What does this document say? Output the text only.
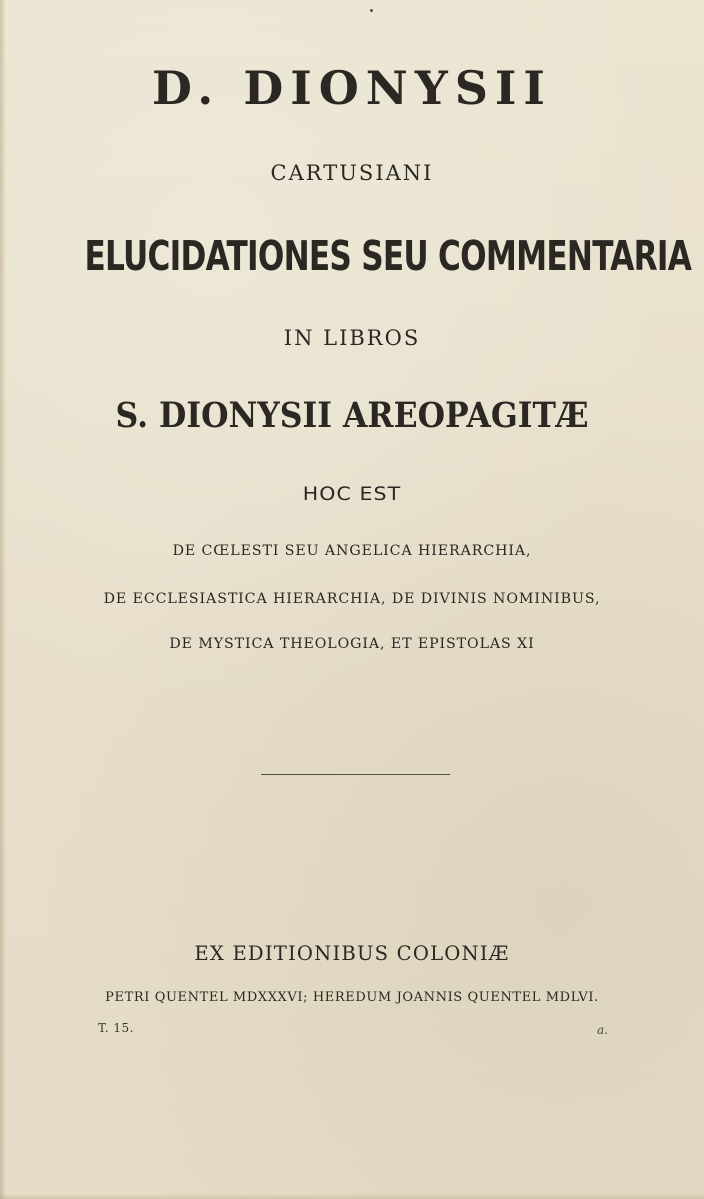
D. DIONYSII
CARTUSIANI
ELUCIDATIONES SEU COMMENTARIA
IN LIBROS
S. DIONYSII AREOPAGITÆ
HOC EST
DE CŒLESTI SEU ANGELICA HIERARCHIA,
DE ECCLESIASTICA HIERARCHIA, DE DIVINIS NOMINIBUS,
DE MYSTICA THEOLOGIA, ET EPISTOLAS XI
EX EDITIONIBUS COLONIÆ
PETRI QUENTEL MDXXXVI; HEREDUM JOANNIS QUENTEL MDLVI.
T. 15.	a.
